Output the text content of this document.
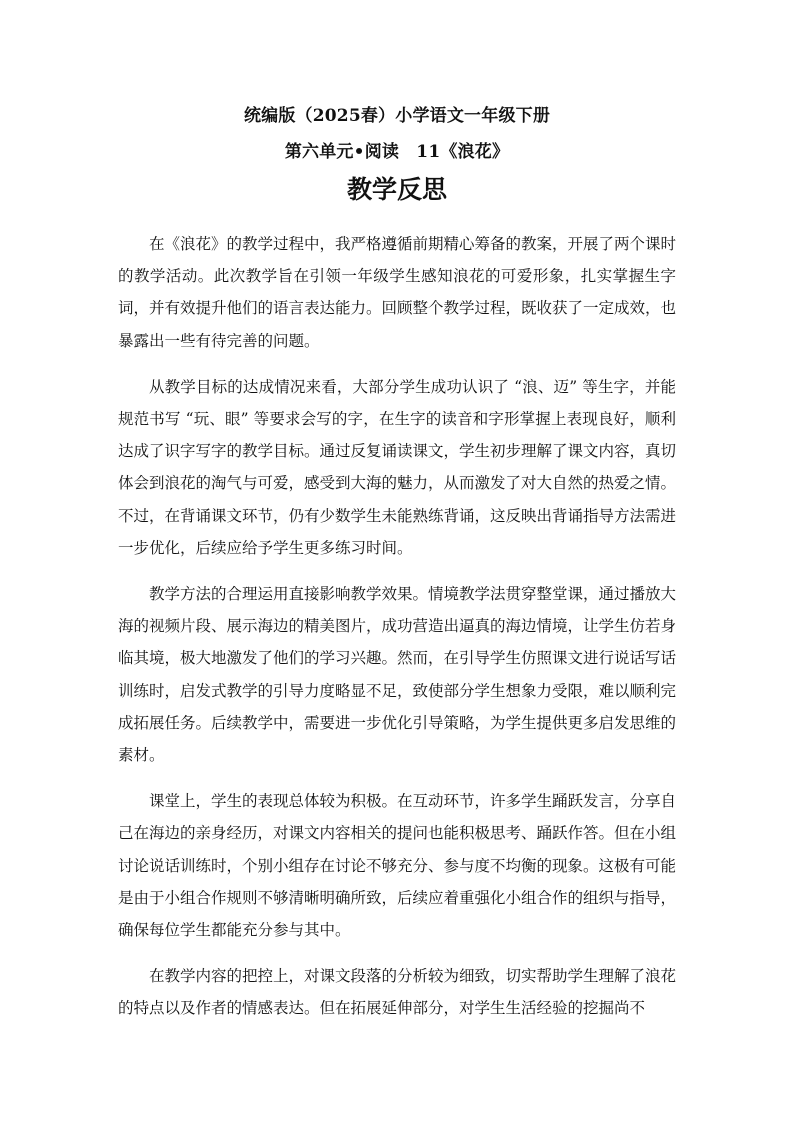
统编版（2025春）小学语文一年级下册
第六单元•阅读　11《浪花》
教学反思

在《浪花》的教学过程中，我严格遵循前期精心筹备的教案，开展了两个课时的教学活动。此次教学旨在引领一年级学生感知浪花的可爱形象，扎实掌握生字词，并有效提升他们的语言表达能力。回顾整个教学过程，既收获了一定成效，也暴露出一些有待完善的问题。

从教学目标的达成情况来看，大部分学生成功认识了 “浪、迈” 等生字，并能规范书写 “玩、眼” 等要求会写的字，在生字的读音和字形掌握上表现良好，顺利达成了识字写字的教学目标。通过反复诵读课文，学生初步理解了课文内容，真切体会到浪花的淘气与可爱，感受到大海的魅力，从而激发了对大自然的热爱之情。不过，在背诵课文环节，仍有少数学生未能熟练背诵，这反映出背诵指导方法需进一步优化，后续应给予学生更多练习时间。

教学方法的合理运用直接影响教学效果。情境教学法贯穿整堂课，通过播放大海的视频片段、展示海边的精美图片，成功营造出逼真的海边情境，让学生仿若身临其境，极大地激发了他们的学习兴趣。然而，在引导学生仿照课文进行说话写话训练时，启发式教学的引导力度略显不足，致使部分学生想象力受限，难以顺利完成拓展任务。后续教学中，需要进一步优化引导策略，为学生提供更多启发思维的素材。

课堂上，学生的表现总体较为积极。在互动环节，许多学生踊跃发言，分享自己在海边的亲身经历，对课文内容相关的提问也能积极思考、踊跃作答。但在小组讨论说话训练时，个别小组存在讨论不够充分、参与度不均衡的现象。这极有可能是由于小组合作规则不够清晰明确所致，后续应着重强化小组合作的组织与指导，确保每位学生都能充分参与其中。

在教学内容的把控上，对课文段落的分析较为细致，切实帮助学生理解了浪花的特点以及作者的情感表达。但在拓展延伸部分，对学生生活经验的挖掘尚不
